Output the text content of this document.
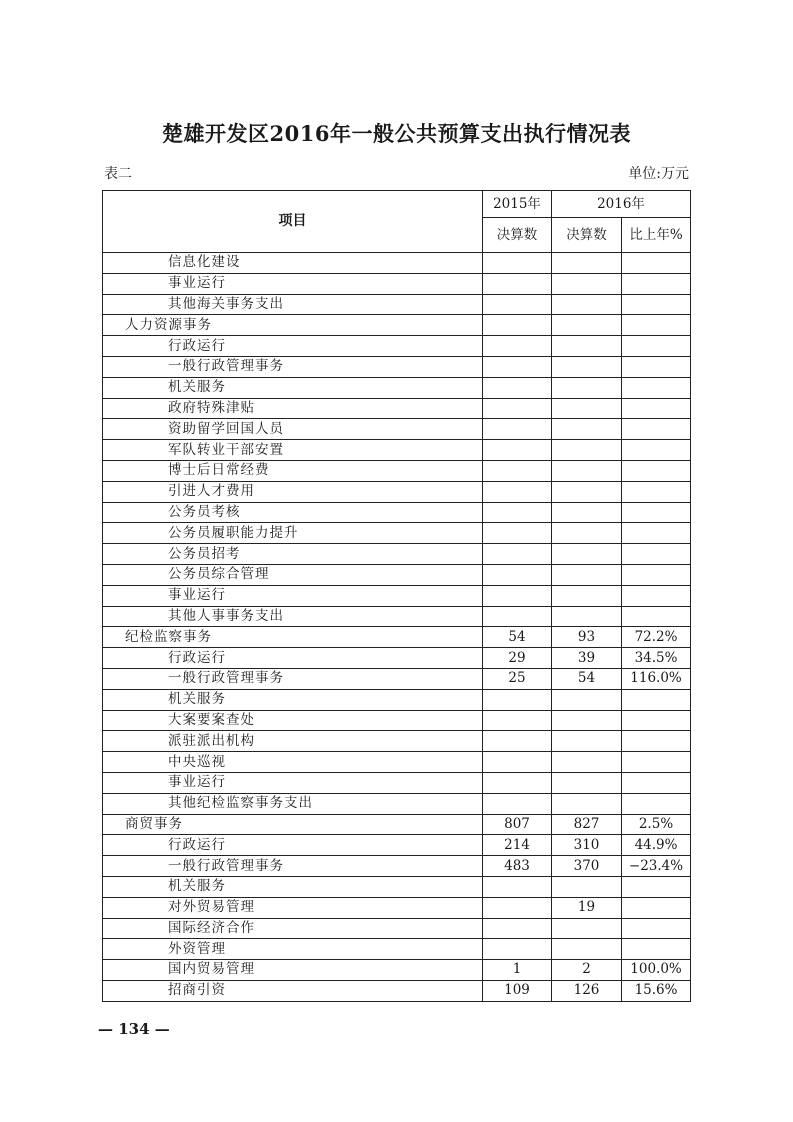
楚雄开发区2016年一般公共预算支出执行情况表
表二	单位:万元
项目	2015年	2016年	
	决算数	决算数	比上年%
信息化建设			
事业运行			
其他海关事务支出			
人力资源事务			
行政运行			
一般行政管理事务			
机关服务			
政府特殊津贴			
资助留学回国人员			
军队转业干部安置			
博士后日常经费			
引进人才费用			
公务员考核			
公务员履职能力提升			
公务员招考			
公务员综合管理			
事业运行			
其他人事事务支出			
纪检监察事务	54	93	72.2%
行政运行	29	39	34.5%
一般行政管理事务	25	54	116.0%
机关服务			
大案要案查处			
派驻派出机构			
中央巡视			
事业运行			
其他纪检监察事务支出			
商贸事务	807	827	2.5%
行政运行	214	310	44.9%
一般行政管理事务	483	370	−23.4%
机关服务			
对外贸易管理		19	
国际经济合作			
外资管理			
国内贸易管理	1	2	100.0%
招商引资	109	126	15.6%
— 134 —
